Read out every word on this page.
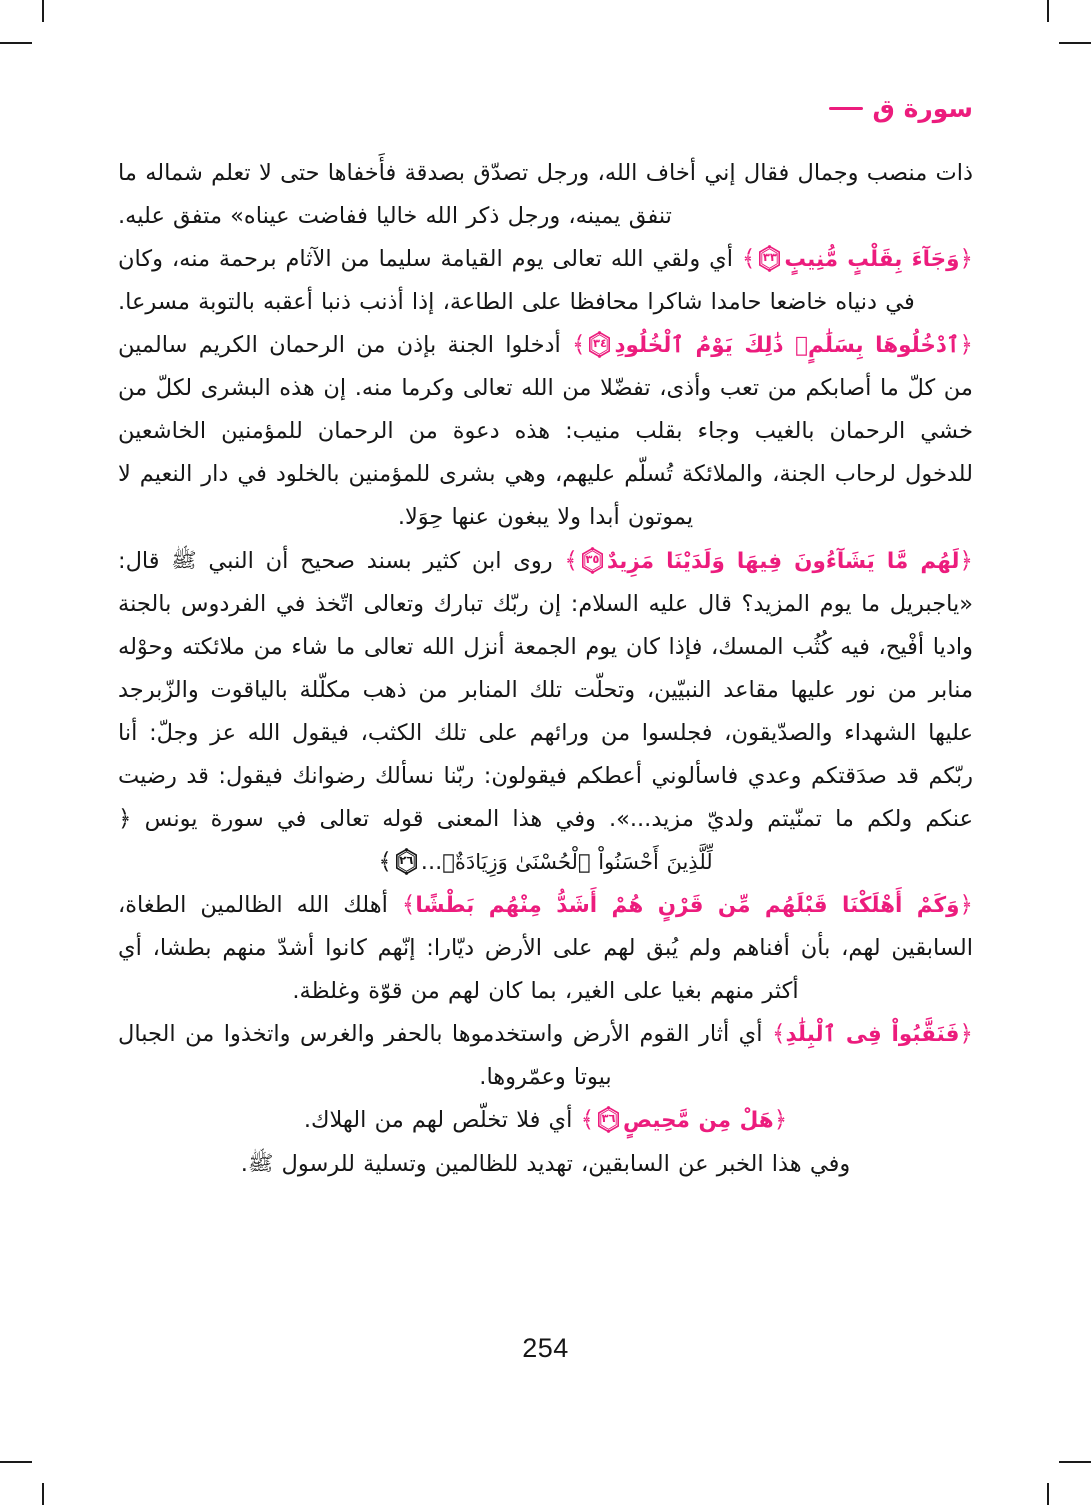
سورة ق

ذات منصب وجمال فقال إني أخاف الله، ورجل تصدّق بصدقة فأَخفاها حتى لا تعلم شماله ما تنفق يمينه، ورجل ذكر الله خاليا ففاضت عيناه» متفق عليه.

﴿وَجَآءَ بِقَلْبٍ مُّنِيبٍ
٣٣
﴾ أي ولقي الله تعالى يوم القيامة سليما من الآثام برحمة منه، وكان في دنياه خاضعا حامدا شاكرا محافظا على الطاعة، إذا أذنب ذنبا أعقبه بالتوبة مسرعا.

﴿ٱدْخُلُوهَا بِسَلَٰمٍۖ ذَٰلِكَ يَوْمُ ٱلْخُلُودِ
٣٤
﴾ أدخلوا الجنة بإذن من الرحمان الكريم سالمين من كلّ ما أصابكم من تعب وأذى، تفضّلا من الله تعالى وكرما منه. إن هذه البشرى لكلّ من خشي الرحمان بالغيب وجاء بقلب منيب: هذه دعوة من الرحمان للمؤمنين الخاشعين للدخول لرحاب الجنة، والملائكة تُسلّم عليهم، وهي بشرى للمؤمنين بالخلود في دار النعيم لا يموتون أبدا ولا يبغون عنها حِوَلا.

﴿لَهُم مَّا يَشَآءُونَ فِيهَا وَلَدَيْنَا مَزِيدٌ
٣٥
﴾ روى ابن كثير بسند صحيح أن النبي ﷺ قال: «ياجبريل ما يوم المزيد؟ قال عليه السلام: إن ربّك تبارك وتعالى اتّخذ في الفردوس بالجنة واديا أفْيح، فيه كُثُب المسك، فإذا كان يوم الجمعة أنزل الله تعالى ما شاء من ملائكته وحوْله منابر من نور عليها مقاعد النبيّين، وتحلّت تلك المنابر من ذهب مكلّلة بالياقوت والزّبرجد عليها الشهداء والصدّيقون، فجلسوا من ورائهم على تلك الكثب، فيقول الله عز وجلّ: أنا ربّكم قد صدَقتكم وعدي فاسألوني أعطكم فيقولون: ربّنا نسألك رضوانك فيقول: قد رضيت عنكم ولكم ما تمنّيتم ولديّ مزيد...». وفي هذا المعنى قوله تعالى في سورة يونس ﴿ لِّلَّذِينَ أَحْسَنُواْ ٱلْحُسْنَىٰ وَزِيَادَةٌۖ...
٢٦
﴾

﴿وَكَمْ أَهْلَكْنَا قَبْلَهُم مِّن قَرْنٍ هُمْ أَشَدُّ مِنْهُم بَطْشًا﴾ أهلك الله الظالمين الطغاة، السابقين لهم، بأن أفناهم ولم يُبق لهم على الأرض ديّارا: إنّهم كانوا أشدّ منهم بطشا، أي أكثر منهم بغيا على الغير، بما كان لهم من قوّة وغلظة.

﴿فَنَقَّبُواْ فِى ٱلْبِلَٰدِ﴾ أي أثار القوم الأرض واستخدموها بالحفر والغرس واتخذوا من الجبال بيوتا وعمّروها.

﴿هَلْ مِن مَّحِيصٍ
٣٦
﴾ أي فلا تخلّص لهم من الهلاك.

وفي هذا الخبر عن السابقين، تهديد للظالمين وتسلية للرسول ﷺ.

254
